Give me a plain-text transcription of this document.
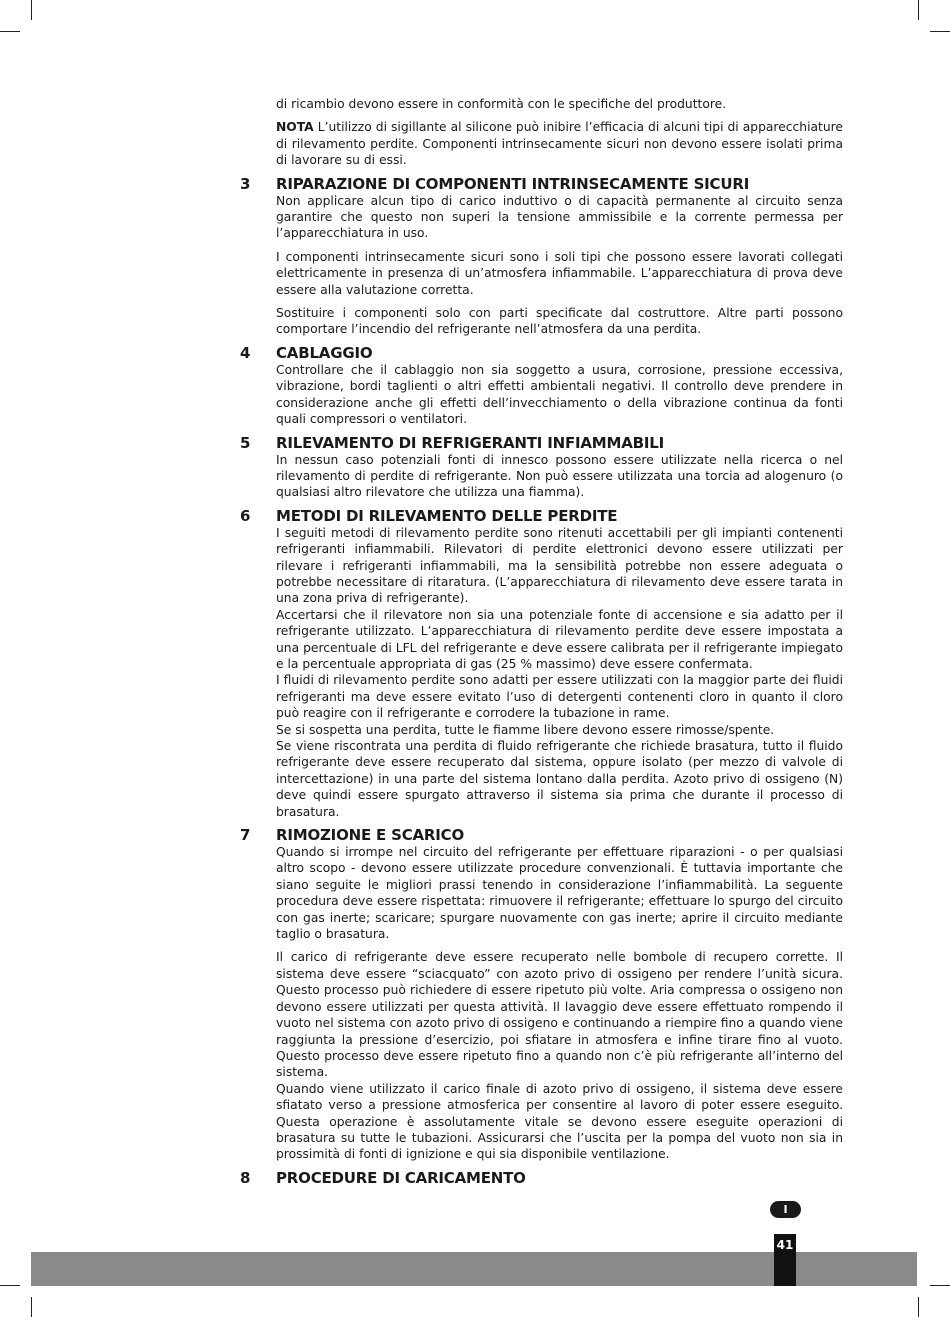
di ricambio devono essere in conformità con le specifiche del produttore.

NOTA L’utilizzo di sigillante al silicone può inibire l’efficacia di alcuni tipi di apparecchiature di rilevamento perdite. Componenti intrinsecamente sicuri non devono essere isolati prima di lavorare su di essi.

3	RIPARAZIONE DI COMPONENTI INTRINSECAMENTE SICURI

Non applicare alcun tipo di carico induttivo o di capacità permanente al circuito senza garantire che questo non superi la tensione ammissibile e la corrente permessa per l’apparecchiatura in uso.

I componenti intrinsecamente sicuri sono i soli tipi che possono essere lavorati collegati elettricamente in presenza di un’atmosfera infiammabile. L’apparecchiatura di prova deve essere alla valutazione corretta.

Sostituire i componenti solo con parti specificate dal costruttore. Altre parti possono comportare l’incendio del refrigerante nell’atmosfera da una perdita.

4	CABLAGGIO

Controllare che il cablaggio non sia soggetto a usura, corrosione, pressione eccessiva, vibrazione, bordi taglienti o altri effetti ambientali negativi. Il controllo deve prendere in considerazione anche gli effetti dell’invecchiamento o della vibrazione continua da fonti quali compressori o ventilatori.

5	RILEVAMENTO DI REFRIGERANTI INFIAMMABILI

In nessun caso potenziali fonti di innesco possono essere utilizzate nella ricerca o nel rilevamento di perdite di refrigerante. Non può essere utilizzata una torcia ad alogenuro (o qualsiasi altro rilevatore che utilizza una fiamma).

6	METODI DI RILEVAMENTO DELLE PERDITE

I seguiti metodi di rilevamento perdite sono ritenuti accettabili per gli impianti contenenti refrigeranti infiammabili. Rilevatori di perdite elettronici devono essere utilizzati per rilevare i refrigeranti infiammabili, ma la sensibilità potrebbe non essere adeguata o potrebbe necessitare di ritaratura. (L’apparecchiatura di rilevamento deve essere tarata in una zona priva di refrigerante).

Accertarsi che il rilevatore non sia una potenziale fonte di accensione e sia adatto per il refrigerante utilizzato. L’apparecchiatura di rilevamento perdite deve essere impostata a una percentuale di LFL del refrigerante e deve essere calibrata per il refrigerante impiegato e la percentuale appropriata di gas (25 % massimo) deve essere confermata.

I fluidi di rilevamento perdite sono adatti per essere utilizzati con la maggior parte dei fluidi refrigeranti ma deve essere evitato l’uso di detergenti contenenti cloro in quanto il cloro può reagire con il refrigerante e corrodere la tubazione in rame.

Se si sospetta una perdita, tutte le fiamme libere devono essere rimosse/spente.

Se viene riscontrata una perdita di fluido refrigerante che richiede brasatura, tutto il fluido refrigerante deve essere recuperato dal sistema, oppure isolato (per mezzo di valvole di intercettazione) in una parte del sistema lontano dalla perdita. Azoto privo di ossigeno (N) deve quindi essere spurgato attraverso il sistema sia prima che durante il processo di brasatura.

7	RIMOZIONE E SCARICO

Quando si irrompe nel circuito del refrigerante per effettuare riparazioni - o per qualsiasi altro scopo - devono essere utilizzate procedure convenzionali. È tuttavia importante che siano seguite le migliori prassi tenendo in considerazione l’infiammabilità. La seguente procedura deve essere rispettata: rimuovere il refrigerante; effettuare lo spurgo del circuito con gas inerte; scaricare; spurgare nuovamente con gas inerte; aprire il circuito mediante taglio o brasatura.

Il carico di refrigerante deve essere recuperato nelle bombole di recupero corrette. Il sistema deve essere “sciacquato” con azoto privo di ossigeno per rendere l’unità sicura. Questo processo può richiedere di essere ripetuto più volte. Aria compressa o ossigeno non devono essere utilizzati per questa attività. Il lavaggio deve essere effettuato rompendo il vuoto nel sistema con azoto privo di ossigeno e continuando a riempire fino a quando viene raggiunta la pressione d’esercizio, poi sfiatare in atmosfera e infine tirare fino al vuoto. Questo processo deve essere ripetuto fino a quando non c’è più refrigerante all’interno del sistema.

Quando viene utilizzato il carico finale di azoto privo di ossigeno, il sistema deve essere sfiatato verso a pressione atmosferica per consentire al lavoro di poter essere eseguito. Questa operazione è assolutamente vitale se devono essere eseguite operazioni di brasatura su tutte le tubazioni. Assicurarsi che l’uscita per la pompa del vuoto non sia in prossimità di fonti di ignizione e qui sia disponibile ventilazione.

8	PROCEDURE DI CARICAMENTO
I
41
